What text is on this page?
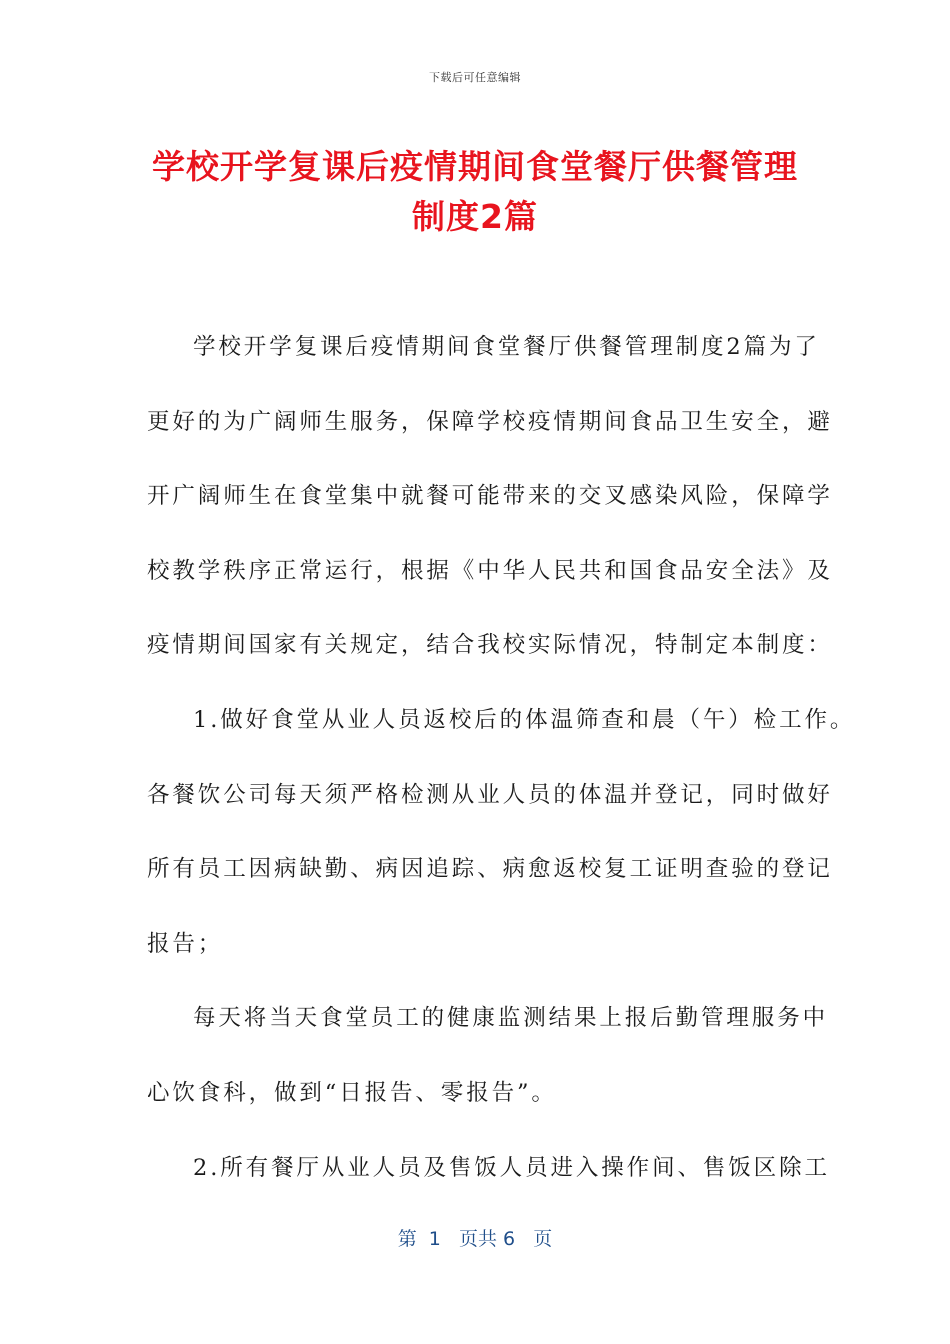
下载后可任意编辑
学校开学复课后疫情期间食堂餐厅供餐管理
制度2篇
学校开学复课后疫情期间食堂餐厅供餐管理制度2篇为了
更好的为广阔师生服务，保障学校疫情期间食品卫生安全，避
开广阔师生在食堂集中就餐可能带来的交叉感染风险，保障学
校教学秩序正常运行，根据《中华人民共和国食品安全法》及
疫情期间国家有关规定，结合我校实际情况，特制定本制度：
1.做好食堂从业人员返校后的体温筛查和晨（午）检工作。
各餐饮公司每天须严格检测从业人员的体温并登记，同时做好
所有员工因病缺勤、病因追踪、病愈返校复工证明查验的登记
报告；
每天将当天食堂员工的健康监测结果上报后勤管理服务中
心饮食科，做到“日报告、零报告”。
2.所有餐厅从业人员及售饭人员进入操作间、售饭区除工
第  1   页共 6   页
